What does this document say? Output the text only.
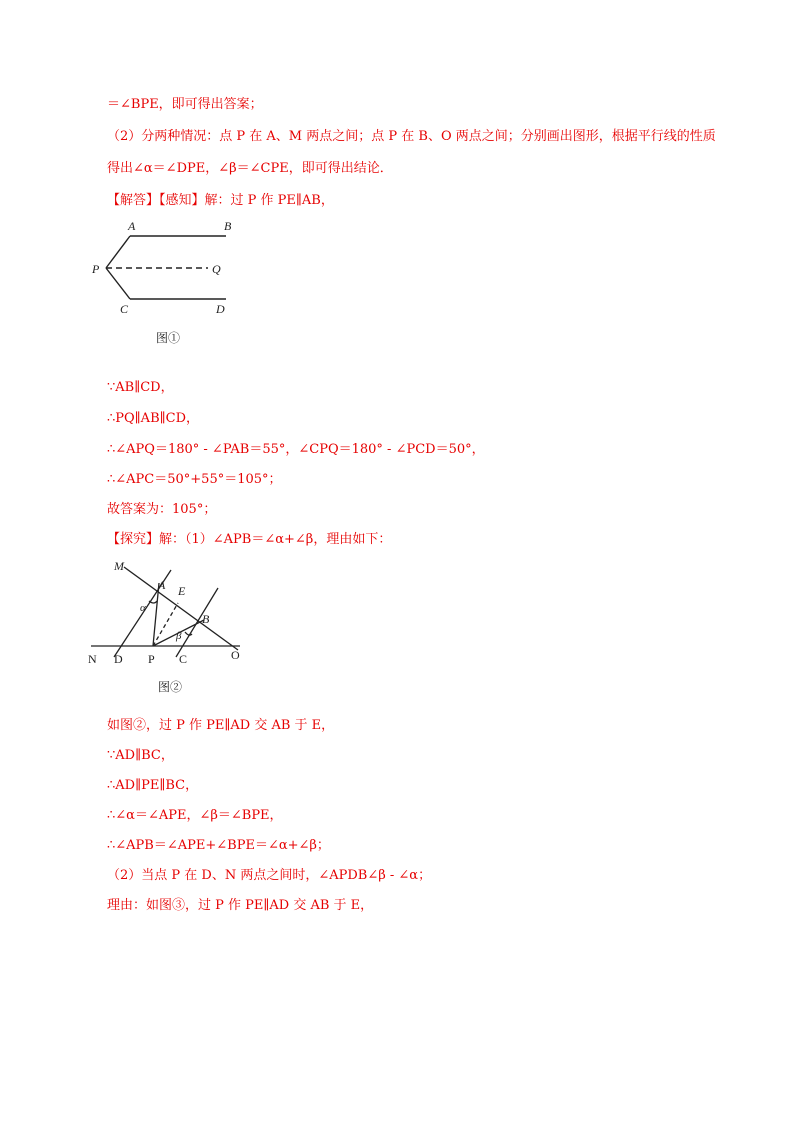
＝∠BPE，即可得出答案；
（2）分两种情况：点 P 在 A、M 两点之间；点 P 在 B、O 两点之间；分别画出图形，根据平行线的性质
得出∠α＝∠DPE，∠β＝∠CPE，即可得出结论．
【解答】【感知】解：过 P 作 PE∥AB，
A	B
P	Q
C	D
图①
∵AB∥CD，
∴PQ∥AB∥CD，
∴∠APQ＝180° - ∠PAB＝55°，∠CPQ＝180° - ∠PCD＝50°，
∴∠APC＝50°+55°＝105°；
故答案为：105°；
【探究】解：（1）∠APB＝∠α+∠β，理由如下：
M
A E
B
α
β
N D P C	O
图②
如图②，过 P 作 PE∥AD 交 AB 于 E，
∵AD∥BC，
∴AD∥PE∥BC，
∴∠α＝∠APE，∠β＝∠BPE，
∴∠APB＝∠APE+∠BPE＝∠α+∠β；
（2）当点 P 在 D、N 两点之间时，∠APDB∠β - ∠α；
理由：如图③，过 P 作 PE∥AD 交 AB 于 E，
